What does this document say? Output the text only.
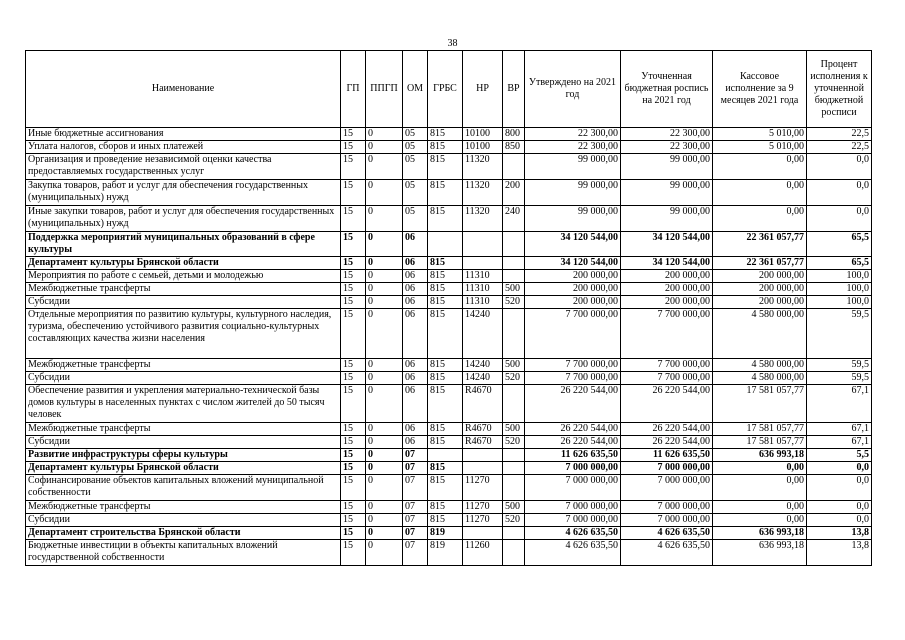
38
Наименование	ГП	ППГП	ОМ	ГРБС	НР	ВР	Утверждено на 2021 год	Уточненная бюджетная роспись на 2021 год	Кассовое исполнение за 9 месяцев 2021 года	Процент исполнения к уточненной бюджетной росписи
Иные бюджетные ассигнования	15	0	05	815	10100	800	22 300,00	22 300,00	5 010,00	22,5
Уплата налогов, сборов и иных платежей	15	0	05	815	10100	850	22 300,00	22 300,00	5 010,00	22,5
Организация и проведение независимой оценки качества предоставляемых государственных услуг	15	0	05	815	11320		99 000,00	99 000,00	0,00	0,0
Закупка товаров, работ и услуг для обеспечения государственных (муниципальных) нужд	15	0	05	815	11320	200	99 000,00	99 000,00	0,00	0,0
Иные закупки товаров, работ и услуг для обеспечения государственных (муниципальных) нужд	15	0	05	815	11320	240	99 000,00	99 000,00	0,00	0,0
Поддержка мероприятий муниципальных образований в сфере культуры	15	0	06				34 120 544,00	34 120 544,00	22 361 057,77	65,5
Департамент культуры Брянской области	15	0	06	815			34 120 544,00	34 120 544,00	22 361 057,77	65,5
Мероприятия по работе с семьей, детьми и молодежью	15	0	06	815	11310		200 000,00	200 000,00	200 000,00	100,0
Межбюджетные трансферты	15	0	06	815	11310	500	200 000,00	200 000,00	200 000,00	100,0
Субсидии	15	0	06	815	11310	520	200 000,00	200 000,00	200 000,00	100,0
Отдельные мероприятия по развитию культуры, культурного наследия, туризма, обеспечению устойчивого развития социально-культурных составляющих качества жизни населения	15	0	06	815	14240		7 700 000,00	7 700 000,00	4 580 000,00	59,5
Межбюджетные трансферты	15	0	06	815	14240	500	7 700 000,00	7 700 000,00	4 580 000,00	59,5
Субсидии	15	0	06	815	14240	520	7 700 000,00	7 700 000,00	4 580 000,00	59,5
Обеспечение развития и укрепления материально-технической базы домов культуры в населенных пунктах с числом жителей до 50 тысяч человек	15	0	06	815	R4670		26 220 544,00	26 220 544,00	17 581 057,77	67,1
Межбюджетные трансферты	15	0	06	815	R4670	500	26 220 544,00	26 220 544,00	17 581 057,77	67,1
Субсидии	15	0	06	815	R4670	520	26 220 544,00	26 220 544,00	17 581 057,77	67,1
Развитие инфраструктуры сферы культуры	15	0	07				11 626 635,50	11 626 635,50	636 993,18	5,5
Департамент культуры Брянской области	15	0	07	815			7 000 000,00	7 000 000,00	0,00	0,0
Софинансирование объектов капитальных вложений муниципальной собственности	15	0	07	815	11270		7 000 000,00	7 000 000,00	0,00	0,0
Межбюджетные трансферты	15	0	07	815	11270	500	7 000 000,00	7 000 000,00	0,00	0,0
Субсидии	15	0	07	815	11270	520	7 000 000,00	7 000 000,00	0,00	0,0
Департамент строительства Брянской области	15	0	07	819			4 626 635,50	4 626 635,50	636 993,18	13,8
Бюджетные инвестиции в объекты капитальных вложений государственной собственности	15	0	07	819	11260		4 626 635,50	4 626 635,50	636 993,18	13,8
